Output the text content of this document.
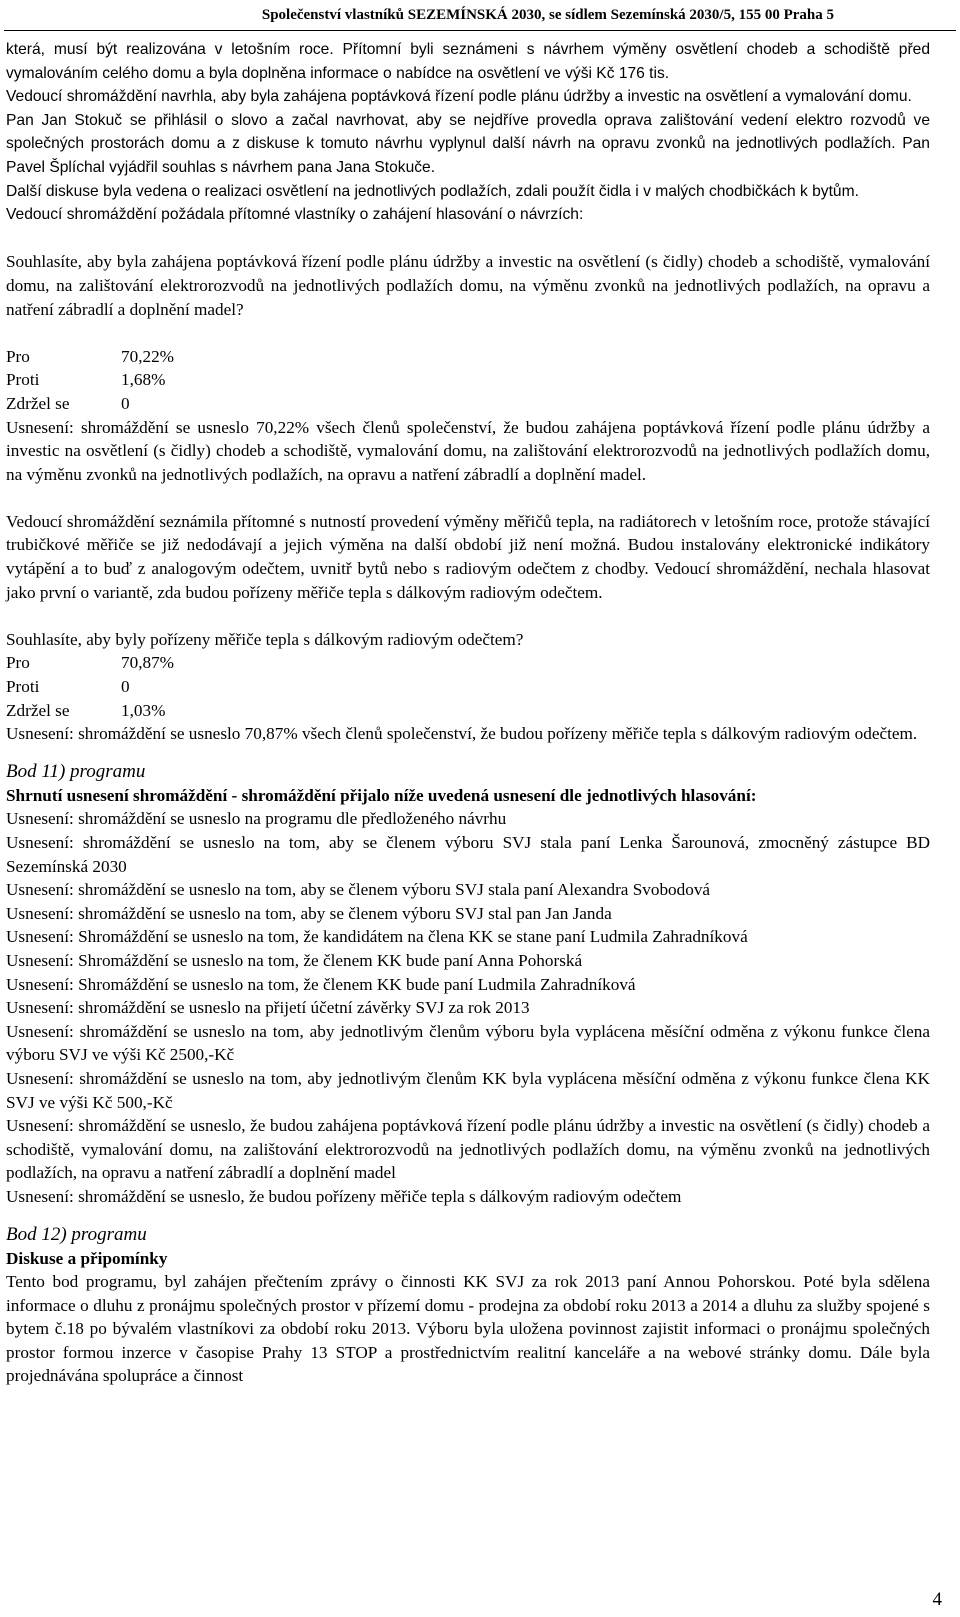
Společenství vlastníků SEZEMÍNSKÁ 2030, se sídlem Sezemínská 2030/5, 155 00 Praha 5

která, musí být realizována v letošním roce. Přítomní byli seznámeni s návrhem výměny osvětlení chodeb a schodiště před vymalováním celého domu a byla doplněna informace o nabídce na osvětlení ve výši Kč 176 tis.

Vedoucí shromáždění navrhla, aby byla zahájena poptávková řízení podle plánu údržby a investic na osvětlení a vymalování domu.

Pan Jan Stokuč se přihlásil o slovo a začal navrhovat, aby se nejdříve provedla oprava zalištování vedení elektro rozvodů ve společných prostorách domu a z diskuse k tomuto návrhu vyplynul další návrh na opravu zvonků na jednotlivých podlažích. Pan Pavel Šplíchal vyjádřil souhlas s návrhem pana Jana Stokuče.

Další diskuse byla vedena o realizaci osvětlení na jednotlivých podlažích, zdali použít čidla i v malých chodbičkách k bytům.

Vedoucí shromáždění požádala přítomné vlastníky o zahájení hlasování o návrzích:

Souhlasíte, aby byla zahájena poptávková řízení podle plánu údržby a investic na osvětlení (s čidly) chodeb a schodiště, vymalování domu, na zalištování elektrorozvodů na jednotlivých podlažích domu, na výměnu zvonků na jednotlivých podlažích, na opravu a natření zábradlí a doplnění madel?

Pro	70,22%
Proti	1,68%
Zdržel se	0

Usnesení: shromáždění se usneslo 70,22% všech členů společenství, že budou zahájena poptávková řízení podle plánu údržby a investic na osvětlení (s čidly) chodeb a schodiště, vymalování domu, na zalištování elektrorozvodů na jednotlivých podlažích domu, na výměnu zvonků na jednotlivých podlažích, na opravu a natření zábradlí a doplnění madel.

Vedoucí shromáždění seznámila přítomné s nutností provedení výměny měřičů tepla, na radiátorech v letošním roce, protože stávající trubičkové měřiče se již nedodávají a jejich výměna na další období již není možná. Budou instalovány elektronické indikátory vytápění a to buď z analogovým odečtem, uvnitř bytů nebo s radiovým odečtem z chodby. Vedoucí shromáždění, nechala hlasovat jako první o variantě, zda budou pořízeny měřiče tepla s dálkovým radiovým odečtem.

Souhlasíte, aby byly pořízeny měřiče tepla s dálkovým radiovým odečtem?

Pro	70,87%
Proti	0
Zdržel se	1,03%

Usnesení: shromáždění se usneslo 70,87% všech členů společenství, že budou pořízeny měřiče tepla s dálkovým radiovým odečtem.

Bod 11) programu

Shrnutí usnesení shromáždění - shromáždění přijalo níže uvedená usnesení dle jednotlivých hlasování:

Usnesení: shromáždění se usneslo na programu dle předloženého návrhu

Usnesení: shromáždění se usneslo na tom, aby se členem výboru SVJ stala paní Lenka Šarounová, zmocněný zástupce BD Sezemínská 2030

Usnesení: shromáždění se usneslo na tom, aby se členem výboru SVJ stala paní Alexandra Svobodová

Usnesení: shromáždění se usneslo na tom, aby se členem výboru SVJ stal pan Jan Janda

Usnesení: Shromáždění se usneslo na tom, že kandidátem na člena KK se stane paní Ludmila Zahradníková

Usnesení: Shromáždění se usneslo na tom, že členem KK bude paní Anna Pohorská

Usnesení: Shromáždění se usneslo na tom, že členem KK bude paní Ludmila Zahradníková

Usnesení: shromáždění se usneslo na přijetí účetní závěrky SVJ za rok 2013

Usnesení: shromáždění se usneslo na tom, aby jednotlivým členům výboru byla vyplácena měsíční odměna z výkonu funkce člena výboru SVJ ve výši Kč 2500,-Kč

Usnesení: shromáždění se usneslo na tom, aby jednotlivým členům KK byla vyplácena měsíční odměna z výkonu funkce člena KK SVJ ve výši Kč 500,-Kč

Usnesení: shromáždění se usneslo, že budou zahájena poptávková řízení podle plánu údržby a investic na osvětlení (s čidly) chodeb a schodiště, vymalování domu, na zalištování elektrorozvodů na jednotlivých podlažích domu, na výměnu zvonků na jednotlivých podlažích, na opravu a natření zábradlí a doplnění madel

Usnesení: shromáždění se usneslo, že budou pořízeny měřiče tepla s dálkovým radiovým odečtem

Bod 12) programu

Diskuse a připomínky

Tento bod programu, byl zahájen přečtením zprávy o činnosti KK SVJ za rok 2013 paní Annou Pohorskou. Poté byla sdělena informace o dluhu z pronájmu společných prostor v přízemí domu - prodejna za období roku 2013 a 2014 a dluhu za služby spojené s bytem č.18 po bývalém vlastníkovi za období roku 2013. Výboru byla uložena povinnost zajistit informaci o pronájmu společných prostor formou inzerce v časopise Prahy 13 STOP a prostřednictvím realitní kanceláře a na webové stránky domu. Dále byla projednávána spolupráce a činnost

4
